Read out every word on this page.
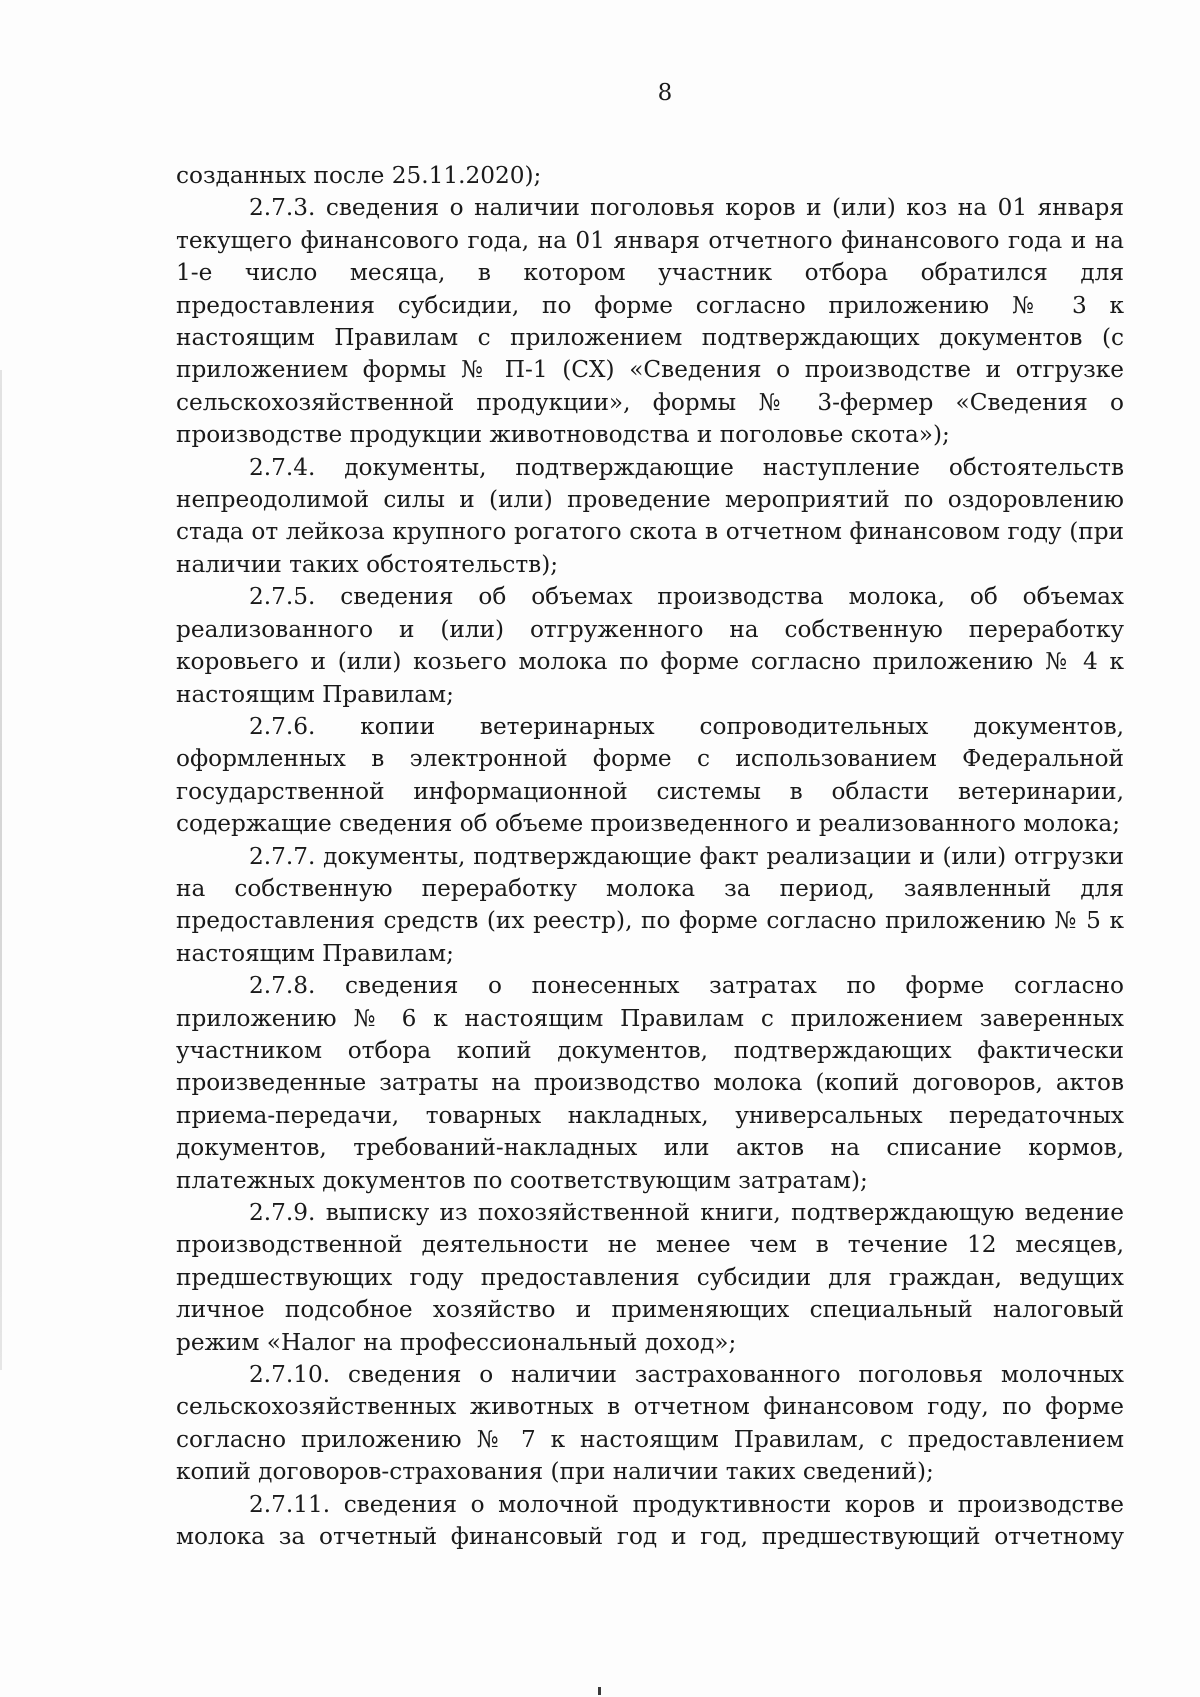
8

созданных после 25.11.2020);

2.7.3. сведения о наличии поголовья коров и (или) коз на 01 января текущего финансового года, на 01 января отчетного финансового года и на 1-е число месяца, в котором участник отбора обратился для предоставления субсидии, по форме согласно приложению № 3 к настоящим Правилам с приложением подтверждающих документов (с приложением формы № П-1 (СХ) «Сведения о производстве и отгрузке сельскохозяйственной продукции», формы № 3-фермер «Сведения о производстве продукции животноводства и поголовье скота»);

2.7.4. документы, подтверждающие наступление обстоятельств непреодолимой силы и (или) проведение мероприятий по оздоровлению стада от лейкоза крупного рогатого скота в отчетном финансовом году (при наличии таких обстоятельств);

2.7.5. сведения об объемах производства молока, об объемах реализованного и (или) отгруженного на собственную переработку коровьего и (или) козьего молока по форме согласно приложению № 4 к настоящим Правилам;

2.7.6. копии ветеринарных сопроводительных документов, оформленных в электронной форме с использованием Федеральной государственной информационной системы в области ветеринарии, содержащие сведения об объеме произведенного и реализованного молока;

2.7.7. документы, подтверждающие факт реализации и (или) отгрузки на собственную переработку молока за период, заявленный для предоставления средств (их реестр), по форме согласно приложению № 5 к настоящим Правилам;

2.7.8. сведения о понесенных затратах по форме согласно приложению № 6 к настоящим Правилам с приложением заверенных участником отбора копий документов, подтверждающих фактически произведенные затраты на производство молока (копий договоров, актов приема-передачи, товарных накладных, универсальных передаточных документов, требований-накладных или актов на списание кормов, платежных документов по соответствующим затратам);

2.7.9. выписку из похозяйственной книги, подтверждающую ведение производственной деятельности не менее чем в течение 12 месяцев, предшествующих году предоставления субсидии для граждан, ведущих личное подсобное хозяйство и применяющих специальный налоговый режим «Налог на профессиональный доход»;

2.7.10. сведения о наличии застрахованного поголовья молочных сельскохозяйственных животных в отчетном финансовом году, по форме согласно приложению № 7 к настоящим Правилам, с предоставлением копий договоров-страхования (при наличии таких сведений);

2.7.11. сведения о молочной продуктивности коров и производстве молока за отчетный финансовый год и год, предшествующий отчетному
